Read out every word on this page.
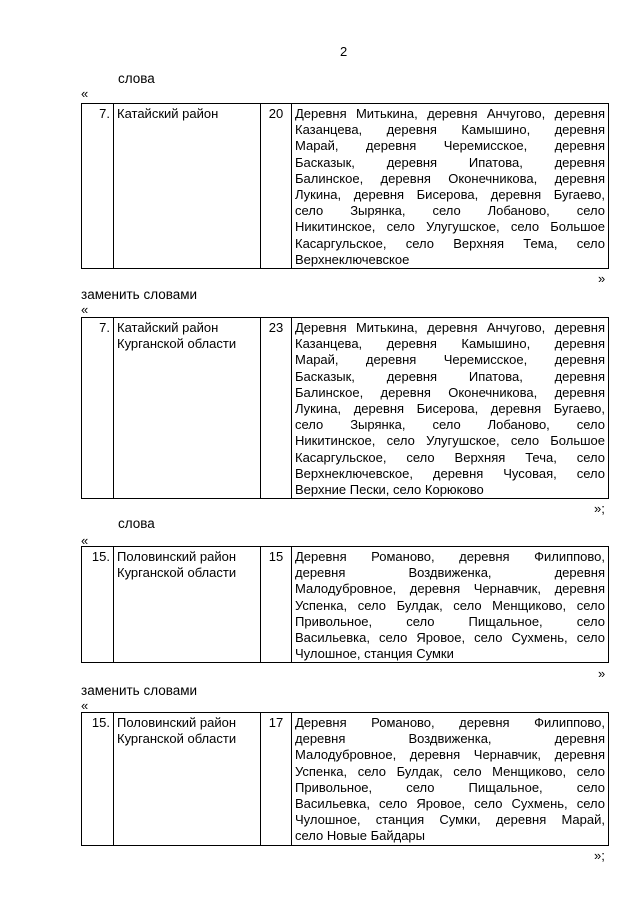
2
слова
«
7.	Катайский район	20	Деревня Митькина, деревня Анчугово, деревня
Казанцева, деревня Камышино, деревня
Марай, деревня Черемисское, деревня
Басказык, деревня Ипатова, деревня
Балинское, деревня Оконечникова, деревня
Лукина, деревня Бисерова, деревня Бугаево,
село Зырянка, село Лобаново, село
Никитинское, село Улугушское, село Большое
Касаргульское, село Верхняя Тема, село
Верхнеключевское
»
заменить словами
«
7.	Катайский район
Курганской области
	23	Деревня Митькина, деревня Анчугово, деревня
Казанцева, деревня Камышино, деревня
Марай, деревня Черемисское, деревня
Басказык, деревня Ипатова, деревня
Балинское, деревня Оконечникова, деревня
Лукина, деревня Бисерова, деревня Бугаево,
село Зырянка, село Лобаново, село
Никитинское, село Улугушское, село Большое
Касаргульское, село Верхняя Теча, село
Верхнеключевское, деревня Чусовая, село
Верхние Пески, село Корюково
»;
слова
«
15.	Половинский район
Курганской области
	15	Деревня Романово, деревня Филиппово,
деревня Воздвиженка, деревня
Малодубровное, деревня Чернавчик, деревня
Успенка, село Булдак, село Менщиково, село
Привольное, село Пищальное, село
Васильевка, село Яровое, село Сухмень, село
Чулошное, станция Сумки
»
заменить словами
«
15.	Половинский район
Курганской области
	17	Деревня Романово, деревня Филиппово,
деревня Воздвиженка, деревня
Малодубровное, деревня Чернавчик, деревня
Успенка, село Булдак, село Менщиково, село
Привольное, село Пищальное, село
Васильевка, село Яровое, село Сухмень, село
Чулошное, станция Сумки, деревня Марай,
село Новые Байдары
»;
